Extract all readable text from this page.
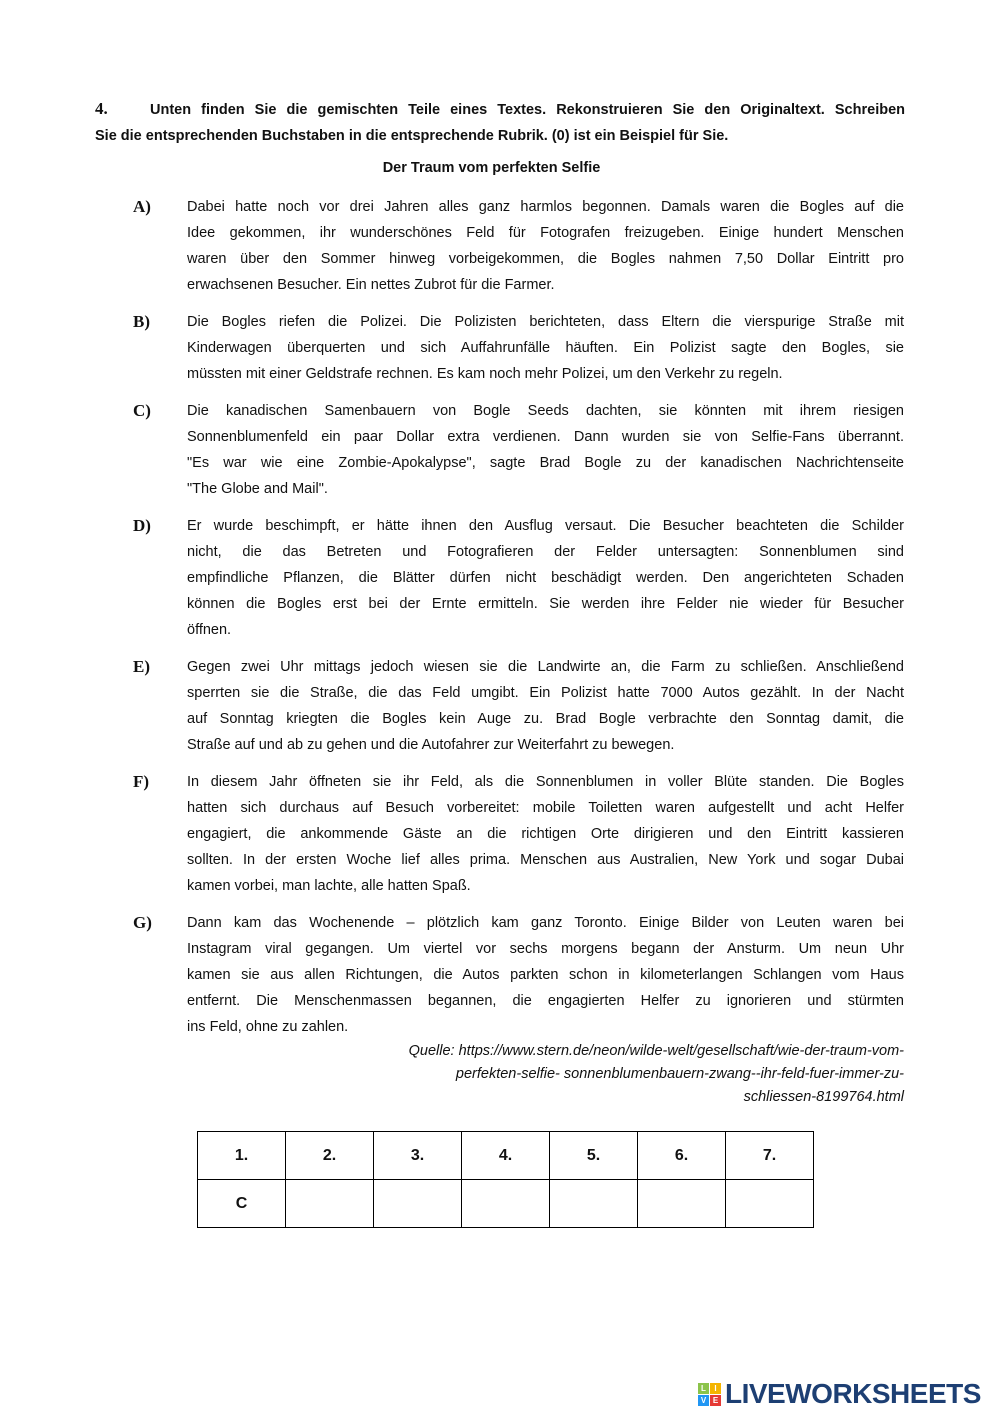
4.	Unten finden Sie die gemischten Teile eines Textes. Rekonstruieren Sie den Originaltext. Schreiben
Sie die entsprechenden Buchstaben in die entsprechende Rubrik. (0) ist ein Beispiel für Sie.
Der Traum vom perfekten Selfie
A) Dabei hatte noch vor drei Jahren alles ganz harmlos begonnen. Damals waren die Bogles auf die
Idee gekommen, ihr wunderschönes Feld für Fotografen freizugeben. Einige hundert Menschen
waren über den Sommer hinweg vorbeigekommen, die Bogles nahmen 7,50 Dollar Eintritt pro
erwachsenen Besucher. Ein nettes Zubrot für die Farmer.
B)	Die Bogles riefen die Polizei. Die Polizisten berichteten, dass Eltern die vierspurige Straße mit
Kinderwagen überquerten und sich Auffahrunfälle häuften. Ein Polizist sagte den Bogles, sie
müssten mit einer Geldstrafe rechnen. Es kam noch mehr Polizei, um den Verkehr zu regeln.
C) Die kanadischen Samenbauern von Bogle Seeds dachten, sie könnten mit ihrem riesigen
Sonnenblumenfeld ein paar Dollar extra verdienen. Dann wurden sie von Selfie-Fans überrannt.
"Es war wie eine Zombie-Apokalypse", sagte Brad Bogle zu der kanadischen Nachrichtenseite
"The Globe and Mail".
D) Er wurde beschimpft, er hätte ihnen den Ausflug versaut. Die Besucher beachteten die Schilder
nicht, die das Betreten und Fotografieren der Felder untersagten: Sonnenblumen sind
empfindliche Pflanzen, die Blätter dürfen nicht beschädigt werden. Den angerichteten Schaden
können die Bogles erst bei der Ernte ermitteln. Sie werden ihre Felder nie wieder für Besucher
öffnen.
E)	Gegen zwei Uhr mittags jedoch wiesen sie die Landwirte an, die Farm zu schließen. Anschließend
sperrten sie die Straße, die das Feld umgibt. Ein Polizist hatte 7000 Autos gezählt. In der Nacht
auf Sonntag kriegten die Bogles kein Auge zu. Brad Bogle verbrachte den Sonntag damit, die
Straße auf und ab zu gehen und die Autofahrer zur Weiterfahrt zu bewegen.
F)	In diesem Jahr öffneten sie ihr Feld, als die Sonnenblumen in voller Blüte standen. Die Bogles
hatten sich durchaus auf Besuch vorbereitet: mobile Toiletten waren aufgestellt und acht Helfer
engagiert, die ankommende Gäste an die richtigen Orte dirigieren und den Eintritt kassieren
sollten. In der ersten Woche lief alles prima. Menschen aus Australien, New York und sogar Dubai
kamen vorbei, man lachte, alle hatten Spaß.
G) Dann kam das Wochenende – plötzlich kam ganz Toronto. Einige Bilder von Leuten waren bei
Instagram viral gegangen. Um viertel vor sechs morgens begann der Ansturm. Um neun Uhr
kamen sie aus allen Richtungen, die Autos parkten schon in kilometerlangen Schlangen vom Haus
entfernt. Die Menschenmassen begannen, die engagierten Helfer zu ignorieren und stürmten
ins Feld, ohne zu zahlen.
Quelle: https://www.stern.de/neon/wilde-welt/gesellschaft/wie-der-traum-vom-
perfekten-selfie- sonnenblumenbauern-zwang--ihr-feld-fuer-immer-zu-
schliessen-8199764.html
1.	2.	3.	4.	5.	6.	7.
C						
L	I
V E LIVEWORKSHEETS
